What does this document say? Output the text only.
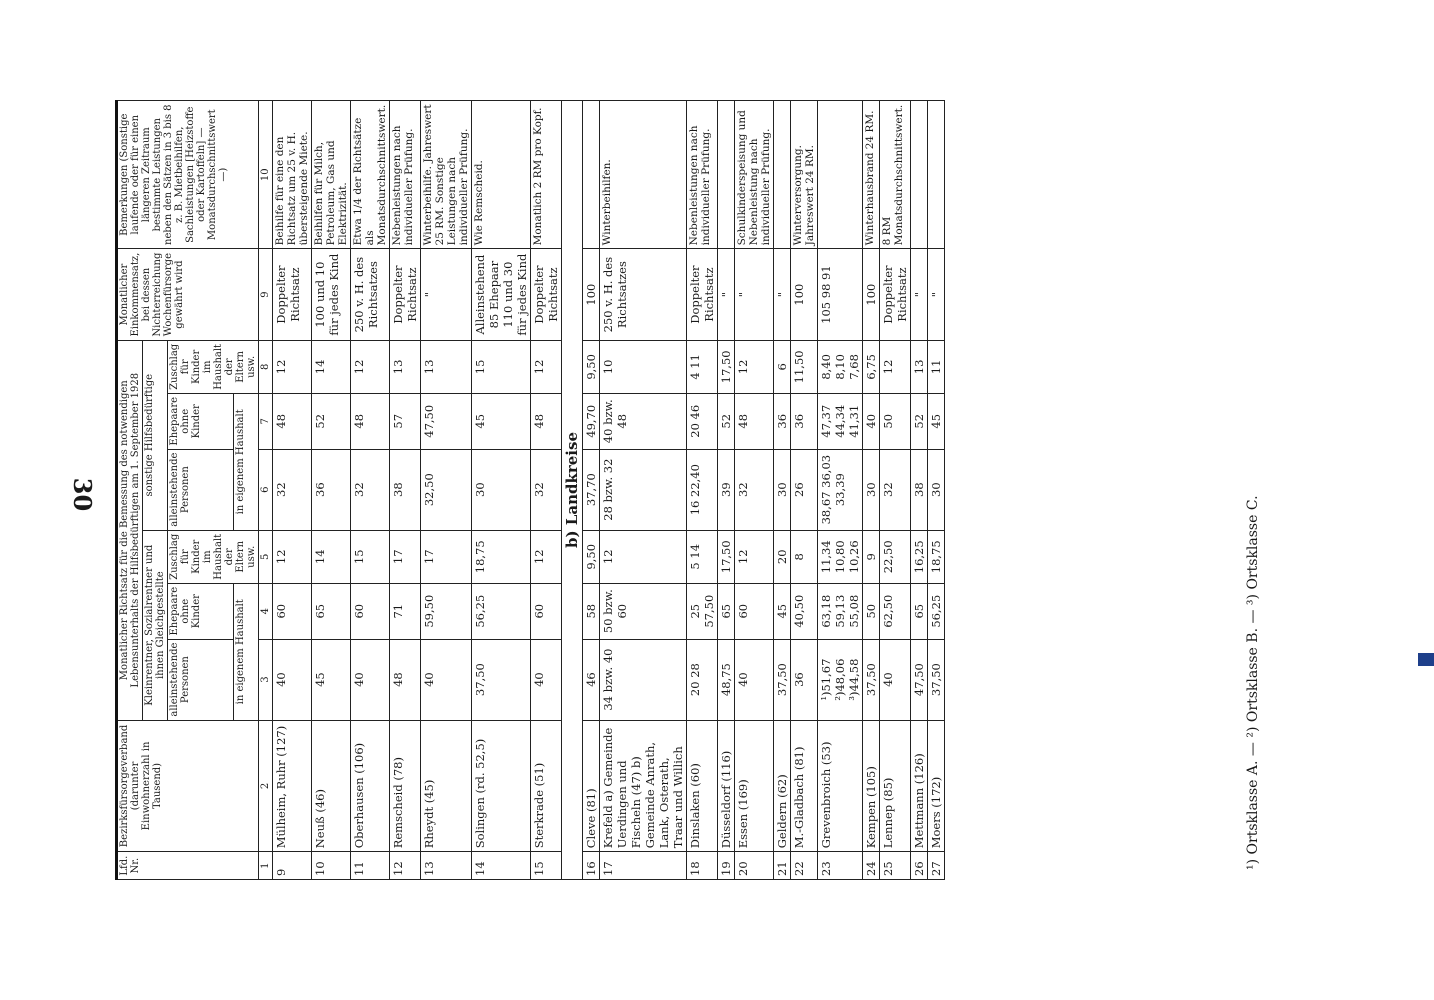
30
Lfd. Nr.	Bezirksfürsorgeverband (darunter Einwohnerzahl in Tausend)	Monatlicher Richtsatz für die Bemessung des notwendigen Lebensunterhalts der Hilfsbedürftigen am 1. September 1928						Monatlicher Einkommensatz, bei dessen Nichterreichung Wochenfürsorge gewährt wird	Bemerkungen (Sonstige laufende oder für einen längeren Zeitraum bestimmte Leistungen neben den Sätzen in 3 bis 8 z. B. Mietbeihilfen, Sachleistungen [Heizstoffe oder Kartoffeln] — Monatsdurchschnittswert —)
		Kleinrentner, Sozialrentner und ihnen Gleichgestellte			sonstige Hilfsbedürftige				
		alleinstehende Personen	Ehepaare ohne Kinder	Zuschlag für Kinder im Haushalt der Eltern usw.	alleinstehende Personen	Ehepaare ohne Kinder	Zuschlag für Kinder im Haushalt der Eltern usw.		
		in eigenem Haushalt			in eigenem Haushalt				
1	2	3	4	5	6	7	8	9	10
9	Mülheim, Ruhr (127)	40	60	12	32	48	12	Doppelter Richtsatz	Beihilfe für eine den Richtsatz um 25 v. H. übersteigende Miete.
10	Neuß (46)	45	65	14	36	52	14	100 und 10 für jedes Kind	Beihilfen für Milch, Petroleum, Gas und Elektrizität.
11	Oberhausen (106)	40	60	15	32	48	12	250 v. H. des Richtsatzes	Etwa 1/4 der Richtsätze als Monatsdurchschnittswert.
12	Remscheid (78)	48	71	17	38	57	13	Doppelter Richtsatz	Nebenleistungen nach individueller Prüfung.
13	Rheydt (45)	40	59,50	17	32,50	47,50	13	"	Winterbeihilfe. Jahreswert 25 RM. Sonstige Leistungen nach individueller Prüfung.
14	Solingen (rd. 52,5)	37,50	56,25	18,75	30	45	15	Alleinstehend 85 Ehepaar 110 und 30 für jedes Kind	Wie Remscheid.
15	Sterkrade (51)	40	60	12	32	48	12	Doppelter Richtsatz	Monatlich 2 RM pro Kopf.
b) Landkreise									
16	Cleve (81)	46	58	9,50	37,70	49,70	9,50	100	
17	Krefeld a) Gemeinde Uerdingen und Fischeln (47) b) Gemeinde Anrath, Lank, Osterath, Traar und Willich	34 bzw. 40	50 bzw. 60	12	28 bzw. 32	40 bzw. 48	10	250 v. H. des Richtsatzes	Winterbeihilfen.
18	Dinslaken (60)	20 28	25 57,50	5 14	16 22,40	20 46	4 11	Doppelter Richtsatz	Nebenleistungen nach individueller Prüfung.
19	Düsseldorf (116)	48,75	65	17,50	39	52	17,50	"	
20	Essen (169)	40	60	12	32	48	12	"	Schulkinderspeisung und Nebenleistung nach individueller Prüfung.
21	Geldern (62)	37,50	45	20	30	36	6	"	
22	M.-Gladbach (81)	36	40,50	8	26	36	11,50	100	Winterversorgung. Jahreswert 24 RM.
23	Grevenbroich (53)	¹)51,67 ²)48,06 ³)44,58	63,18 59,13 55,08	11,34 10,80 10,26	38,67 36,03 33,39	47,37 44,34 41,31	8,40 8,10 7,68	105 98 91	
24	Kempen (105)	37,50	50	9	30	40	6,75	100	Winterhausbrand 24 RM.
25	Lennep (85)	40	62,50	22,50	32	50	12	Doppelter Richtsatz	8 RM Monatsdurchschnittswert.
26	Mettmann (126)	47,50	65	16,25	38	52	13	"	
27	Moers (172)	37,50	56,25	18,75	30	45	11	"	
¹) Ortsklasse A. — ²) Ortsklasse B. — ³) Ortsklasse C.
